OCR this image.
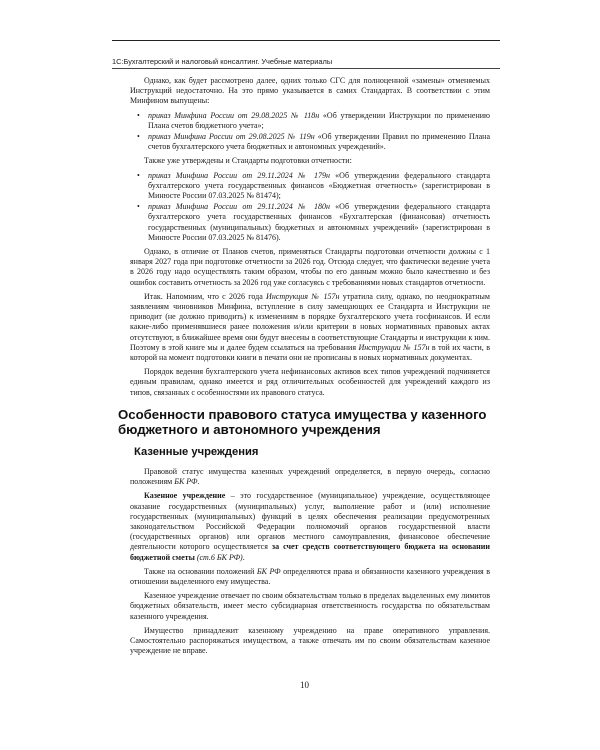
1С:Бухгалтерский и налоговый консалтинг. Учебные материалы

Однако, как будет рассмотрено далее, одних только СГС для полноценной «замены» отменяемых Инструкций недостаточно. На это прямо указывается в самих Стандартах. В соответствии с этим Минфином выпущены:

• приказ Минфина России от 29.08.2025 № 118н «Об утверждении Инструкции по применению Плана счетов бюджетного учета»;
• приказ Минфина России от 29.08.2025 № 119н «Об утверждении Правил по применению Плана счетов бухгалтерского учета бюджетных и автономных учреждений».

Также уже утверждены и Стандарты подготовки отчетности:

• приказ Минфина России от 29.11.2024 № 179н «Об утверждении федерального стандарта бухгалтерского учета государственных финансов «Бюджетная отчетность» (зарегистрирован в Минюсте России 07.03.2025 № 81474);
• приказ Минфина России от 29.11.2024 № 180н «Об утверждении федерального стандарта бухгалтерского учета государственных финансов «Бухгалтерская (финансовая) отчетность государственных (муниципальных) бюджетных и автономных учреждений» (зарегистрирован в Минюсте России 07.03.2025 № 81476).

Однако, в отличие от Планов счетов, применяться Стандарты подготовки отчетности должны с 1 января 2027 года при подготовке отчетности за 2026 год. Отсюда следует, что фактически ведение учета в 2026 году надо осуществлять таким образом, чтобы по его данным можно было качественно и без ошибок составить отчетность за 2026 год уже согласуясь с требованиями новых стандартов отчетности.

Итак. Напомним, что с 2026 года Инструкция № 157н утратила силу, однако, по неоднократным заявлениям чиновников Минфина, вступление в силу замещающих ее Стандарта и Инструкции не приводит (не должно приводить) к изменениям в порядке бухгалтерского учета госфинансов. И если какие-либо применявшиеся ранее положения и/или критерии в новых нормативных правовых актах отсутствуют, в ближайшее время они будут внесены в соответствующие Стандарты и инструкции к ним. Поэтому в этой книге мы и далее будем ссылаться на требования Инструкции № 157н в той их части, в которой на момент подготовки книги в печати они не прописаны в новых нормативных документах.

Порядок ведения бухгалтерского учета нефинансовых активов всех типов учреждений подчиняется единым правилам, однако имеется и ряд отличительных особенностей для учреждений каждого из типов, связанных с особенностями их правового статуса.

Особенности правового статуса имущества у казенного бюджетного и автономного учреждения
Казенные учреждения

Правовой статус имущества казенных учреждений определяется, в первую очередь, согласно положениям БК РФ.

Казенное учреждение – это государственное (муниципальное) учреждение, осуществляющее оказание государственных (муниципальных) услуг, выполнение работ и (или) исполнение государственных (муниципальных) функций в целях обеспечения реализации предусмотренных законодательством Российской Федерации полномочий органов государственной власти (государственных органов) или органов местного самоуправления, финансовое обеспечение деятельности которого осуществляется за счет средств соответствующего бюджета на основании бюджетной сметы (ст.6 БК РФ).

Также на основании положений БК РФ определяются права и обязанности казенного учреждения в отношении выделенного ему имущества.

Казенное учреждение отвечает по своим обязательствам только в пределах выделенных ему лимитов бюджетных обязательств, имеет место субсидиарная ответственность государства по обязательствам казенного учреждения.

Имущество принадлежит казенному учреждению на праве оперативного управления. Самостоятельно распоряжаться имуществом, а также отвечать им по своим обязательствам казенное учреждение не вправе.

10
